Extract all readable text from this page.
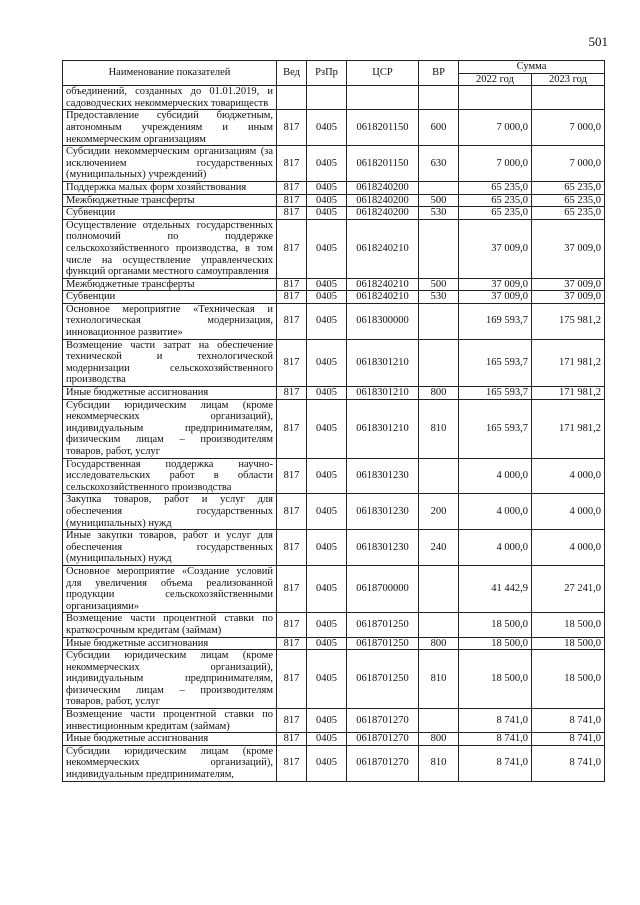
501
Наименование показателей	Вед	РзПр	ЦСР	ВР	Сумма	
					2022 год	2023 год
объединений, созданных до 01.01.2019, и садоводческих некоммерческих товариществ						
Предоставление субсидий бюджетным, автономным учреждениям и иным некоммерческим организациям	817	0405	0618201150	600	7 000,0	7 000,0
Субсидии некоммерческим организациям (за исключением государственных (муниципальных) учреждений)	817	0405	0618201150	630	7 000,0	7 000,0
Поддержка малых форм хозяйствования	817	0405	0618240200		65 235,0	65 235,0
Межбюджетные трансферты	817	0405	0618240200	500	65 235,0	65 235,0
Субвенции	817	0405	0618240200	530	65 235,0	65 235,0
Осуществление отдельных государственных полномочий по поддержке сельскохозяйственного производства, в том числе на осуществление управленческих функций органами местного самоуправления	817	0405	0618240210		37 009,0	37 009,0
Межбюджетные трансферты	817	0405	0618240210	500	37 009,0	37 009,0
Субвенции	817	0405	0618240210	530	37 009,0	37 009,0
Основное мероприятие «Техническая и технологическая модернизация, инновационное развитие»	817	0405	0618300000		169 593,7	175 981,2
Возмещение части затрат на обеспечение технической и технологической модернизации сельскохозяйственного производства	817	0405	0618301210		165 593,7	171 981,2
Иные бюджетные ассигнования	817	0405	0618301210	800	165 593,7	171 981,2
Субсидии юридическим лицам (кроме некоммерческих организаций), индивидуальным предпринимателям, физическим лицам – производителям товаров, работ, услуг	817	0405	0618301210	810	165 593,7	171 981,2
Государственная поддержка научно-исследовательских работ в области сельскохозяйственного производства	817	0405	0618301230		4 000,0	4 000,0
Закупка товаров, работ и услуг для обеспечения государственных (муниципальных) нужд	817	0405	0618301230	200	4 000,0	4 000,0
Иные закупки товаров, работ и услуг для обеспечения государственных (муниципальных) нужд	817	0405	0618301230	240	4 000,0	4 000,0
Основное мероприятие «Создание условий для увеличения объема реализованной продукции сельскохозяйственными организациями»	817	0405	0618700000		41 442,9	27 241,0
Возмещение части процентной ставки по краткосрочным кредитам (займам)	817	0405	0618701250		18 500,0	18 500,0
Иные бюджетные ассигнования	817	0405	0618701250	800	18 500,0	18 500,0
Субсидии юридическим лицам (кроме некоммерческих организаций), индивидуальным предпринимателям, физическим лицам – производителям товаров, работ, услуг	817	0405	0618701250	810	18 500,0	18 500,0
Возмещение части процентной ставки по инвестиционным кредитам (займам)	817	0405	0618701270		8 741,0	8 741,0
Иные бюджетные ассигнования	817	0405	0618701270	800	8 741,0	8 741,0
Субсидии юридическим лицам (кроме некоммерческих организаций), индивидуальным предпринимателям,	817	0405	0618701270	810	8 741,0	8 741,0
